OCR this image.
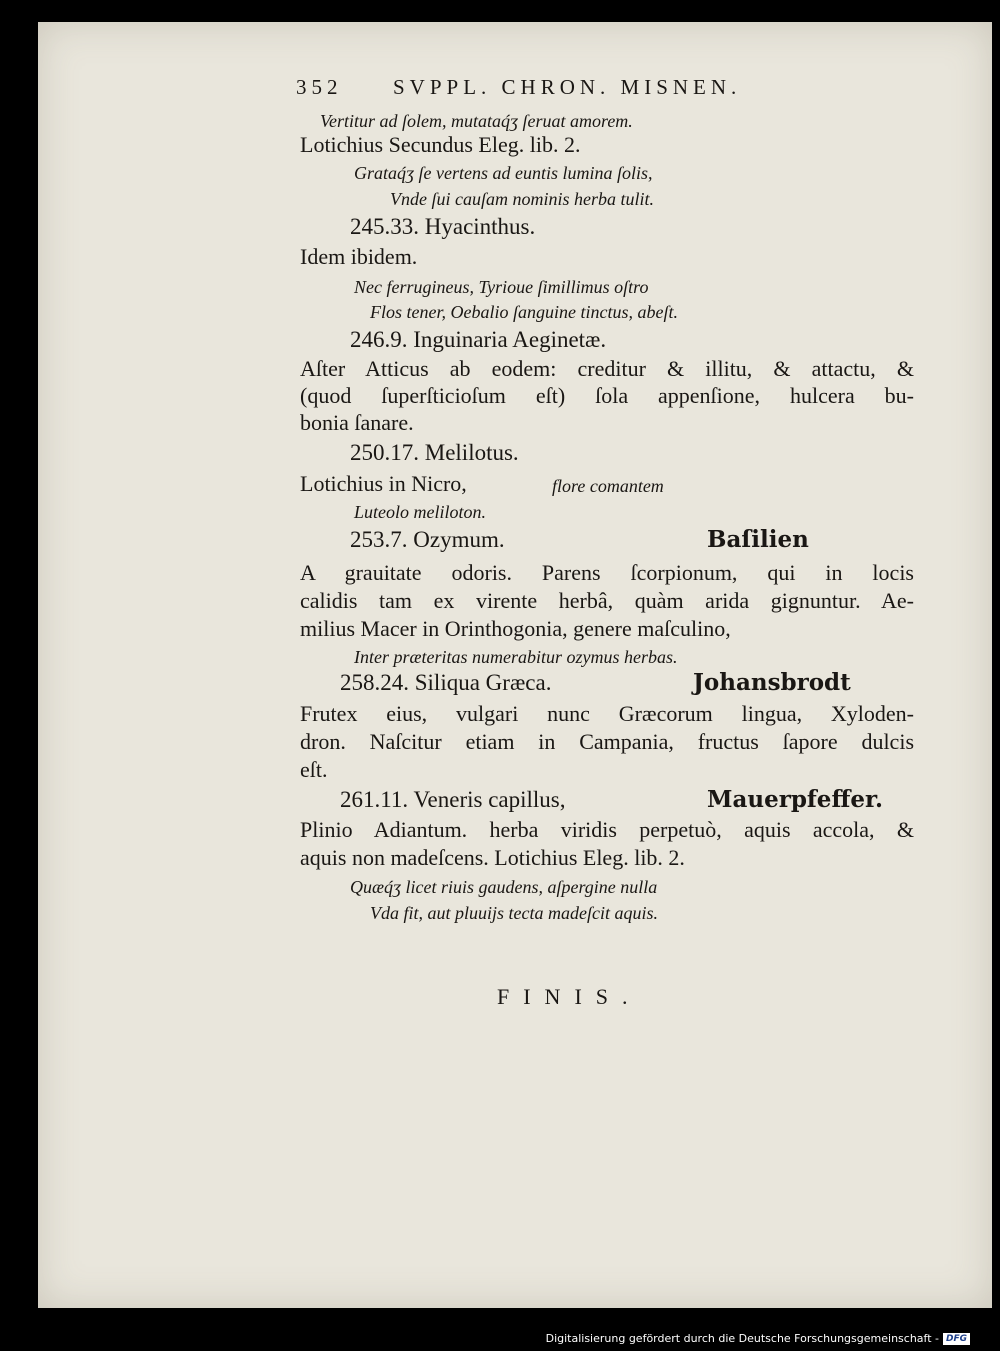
352 SVPPL. CHRON. MISNEN.
Vertitur ad ſolem, mutataq́ʒ ſeruat amorem.
Lotichius Secundus Eleg. lib. 2.
Grataq́ʒ ſe vertens ad euntis lumina ſolis,
Vnde ſui cauſam nominis herba tulit.
245.33. Hyacinthus.
Idem ibidem.
Nec ferrugineus, Tyrioue ſimillimus oſtro
Flos tener, Oebalio ſanguine tinctus, abeſt.
246.9. Inguinaria Aeginetæ.
Aſter Atticus ab eodem: creditur & illitu, & attactu, &
(quod ſuperſticioſum eſt) ſola appenſione, hulcera bu-
bonia ſanare.
250.17. Melilotus.
Lotichius in Nicro,	flore comantem
Luteolo meliloton.
253.7. Ozymum.	Baſilien
A grauitate odoris. Parens ſcorpionum, qui in locis
calidis tam ex virente herbâ, quàm arida gignuntur. Ae-
milius Macer in Orinthogonia, genere maſculino,
Inter præteritas numerabitur ozymus herbas.
258.24. Siliqua Græca.	Johansbrodt
Frutex eius, vulgari nunc Græcorum lingua, Xyloden-
dron. Naſcitur etiam in Campania, fructus ſapore dulcis
eſt.
261.11. Veneris capillus,	Mauerpfeffer.
Plinio Adiantum. herba viridis perpetuò, aquis accola, &
aquis non madeſcens. Lotichius Eleg. lib. 2.
Quæq́ʒ licet riuis gaudens, aſpergine nulla
Vda fit, aut pluuijs tecta madeſcit aquis.
FINIS.
Digitalisierung gefördert durch die Deutsche Forschungsgemeinschaft - DFG
